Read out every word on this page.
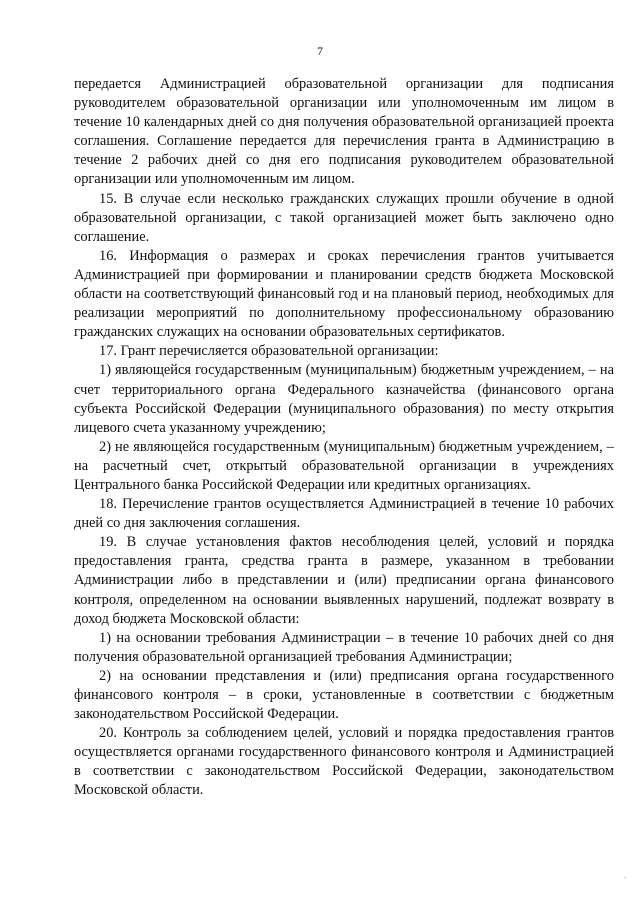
7

передается Администрацией образовательной организации для подписания руководителем образовательной организации или уполномоченным им лицом в течение 10 календарных дней со дня получения образовательной организацией проекта соглашения. Соглашение передается для перечисления гранта в Администрацию в течение 2 рабочих дней со дня его подписания руководителем образовательной организации или уполномоченным им лицом.

15. В случае если несколько гражданских служащих прошли обучение в одной образовательной организации, с такой организацией может быть заключено одно соглашение.

16. Информация о размерах и сроках перечисления грантов учитывается Администрацией при формировании и планировании средств бюджета Московской области на соответствующий финансовый год и на плановый период, необходимых для реализации мероприятий по дополнительному профессиональному образованию гражданских служащих на основании образовательных сертификатов.

17. Грант перечисляется образовательной организации:

1) являющейся государственным (муниципальным) бюджетным учреждением, – на счет территориального органа Федерального казначейства (финансового органа субъекта Российской Федерации (муниципального образования) по месту открытия лицевого счета указанному учреждению;

2) не являющейся государственным (муниципальным) бюджетным учреждением, – на расчетный счет, открытый образовательной организации в учреждениях Центрального банка Российской Федерации или кредитных организациях.

18. Перечисление грантов осуществляется Администрацией в течение 10 рабочих дней со дня заключения соглашения.

19. В случае установления фактов несоблюдения целей, условий и порядка предоставления гранта, средства гранта в размере, указанном в требовании Администрации либо в представлении и (или) предписании органа финансового контроля, определенном на основании выявленных нарушений, подлежат возврату в доход бюджета Московской области:

1) на основании требования Администрации – в течение 10 рабочих дней со дня получения образовательной организацией требования Администрации;

2) на основании представления и (или) предписания органа государственного финансового контроля – в сроки, установленные в соответствии с бюджетным законодательством Российской Федерации.

20. Контроль за соблюдением целей, условий и порядка предоставления грантов осуществляется органами государственного финансового контроля и Администрацией в соответствии с законодательством Российской Федерации, законодательством Московской области.

.
